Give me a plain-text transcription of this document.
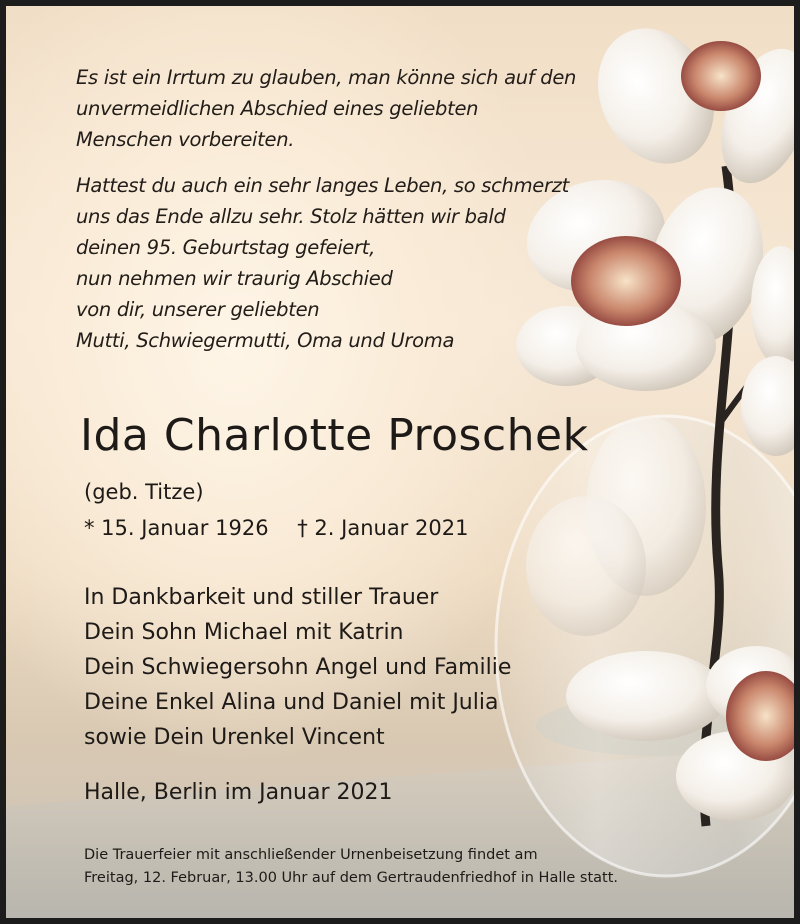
Es ist ein Irrtum zu glauben, man könne sich auf den
unvermeidlichen Abschied eines geliebten
Menschen vorbereiten.
Hattest du auch ein sehr langes Leben, so schmerzt
uns das Ende allzu sehr. Stolz hätten wir bald
deinen 95. Geburtstag gefeiert,
nun nehmen wir traurig Abschied
von dir, unserer geliebten
Mutti, Schwiegermutti, Oma und Uroma
Ida Charlotte Proschek
(geb. Titze)
* 15. Januar 1926 † 2. Januar 2021
In Dankbarkeit und stiller Trauer
Dein Sohn Michael mit Katrin
Dein Schwiegersohn Angel und Familie
Deine Enkel Alina und Daniel mit Julia
sowie Dein Urenkel Vincent
Halle, Berlin im Januar 2021
Die Trauerfeier mit anschließender Urnenbeisetzung findet am
Freitag, 12. Februar, 13.00 Uhr auf dem Gertraudenfriedhof in Halle statt.
